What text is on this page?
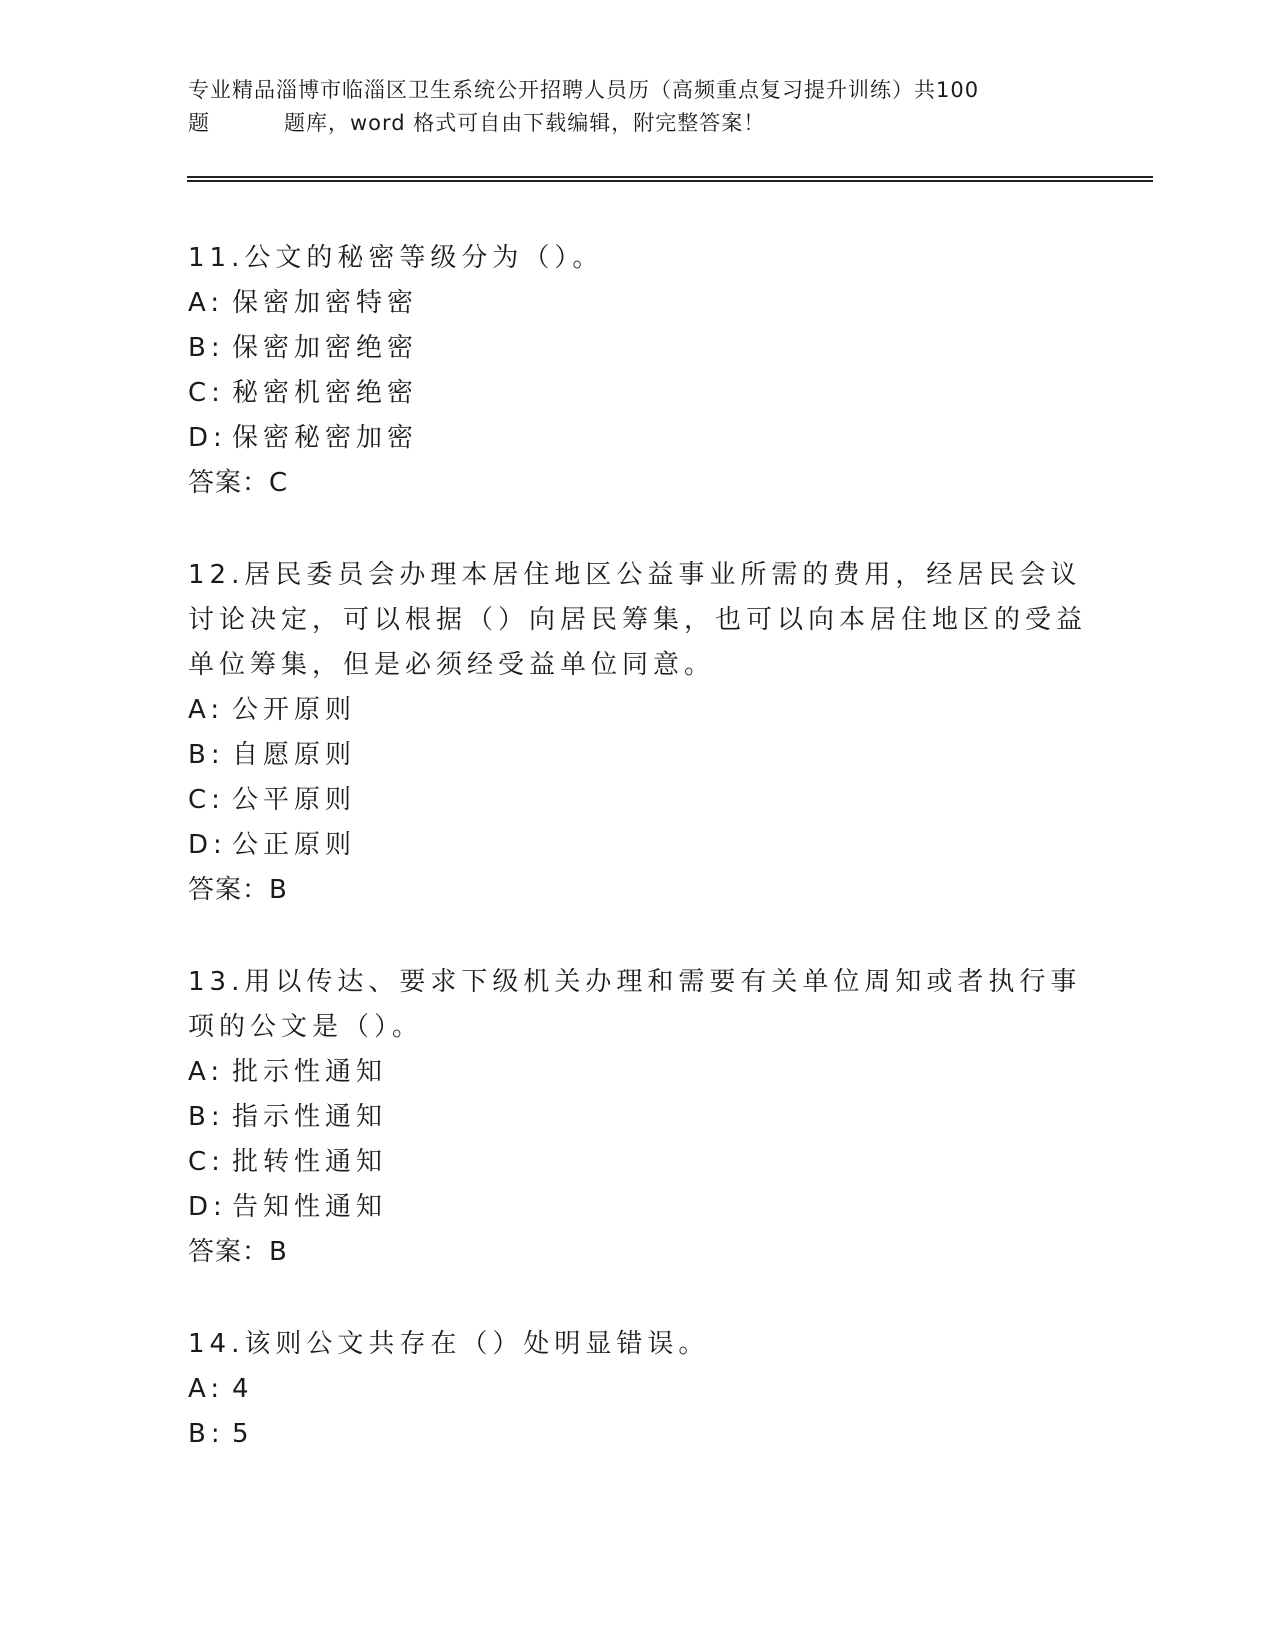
专业精品淄博市临淄区卫生系统公开招聘人员历（高频重点复习提升训练）共100
题	题库，word 格式可自由下载编辑，附完整答案！

11.公文的秘密等级分为（）。

A: 保密加密特密

B: 保密加密绝密

C: 秘密机密绝密

D: 保密秘密加密

答案：C

12.居民委员会办理本居住地区公益事业所需的费用，经居民会议讨论决定，可以根据（）向居民筹集，也可以向本居住地区的受益单位筹集，但是必须经受益单位同意。

A: 公开原则

B: 自愿原则

C: 公平原则

D: 公正原则

答案：B

13.用以传达、要求下级机关办理和需要有关单位周知或者执行事项的公文是（）。

A: 批示性通知

B: 指示性通知

C: 批转性通知

D: 告知性通知

答案：B

14.该则公文共存在（）处明显错误。

A: 4

B: 5
